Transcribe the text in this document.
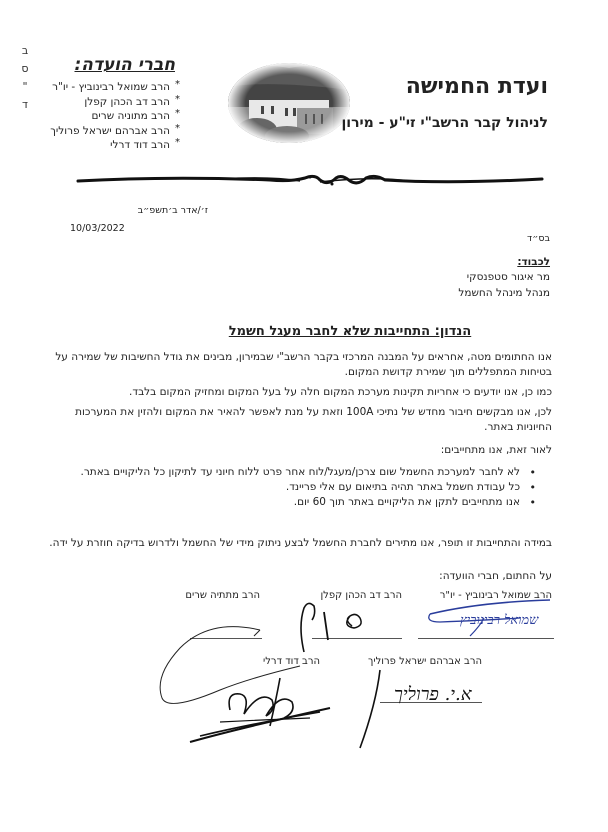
ב
ס
"
ד
חברי הועדה:
* הרב שמואל רבינוביץ - יו"ר
* הרב דב הכהן קפלן
* הרב מתוניה שרים
* הרב אברהם ישראל פרוליך
* הרב דוד דרלי
ועדת החמישה
לניהול קבר הרשב"י זי"ע - מירון
ז׳/אדר ב׳תשפ״ב
10/03/2022
בס״ד
לכבוד:
מר איגור סטפנסקי
מנהל מינהל החשמל
הנדון: התחייבות שלא לחבר מעגל חשמל
אנו החתומים מטה, אחראים על המבנה המרכזי בקבר הרשב"י שבמירון, מבינים את גודל החשיבות של שמירה על בטיחות המתפללים תוך שמירת קדושת המקום.
כמו כן, אנו יודעים כי אחריות תקינות מערכת המקום חלה על בעל המקום ומחזיק המקום בלבד.
לכן, אנו מבקשים חיבור מחדש של נתיכי 100A וזאת על מנת לאפשר להאיר את המקום ולהזין את המערכות החיוניות באתר.
לאור זאת, אנו מתחייבים:
• לא לחבר למערכת החשמל שום צרכן/מעגל/לוח אחר פרט ללוח חיוני עד לתיקון כל הליקויים באתר.
• כל עבודת חשמל באתר תהיה בתיאום עם אלי פריינד.
• אנו מתחייבים לתקן את הליקויים באתר תוך 60 יום.
במידה והתחייבות זו תופר, אנו מתירים לחברת החשמל לבצע ניתוק מידי של החשמל ולדרוש בדיקה חוזרת על ידה.
על החתום, חברי הוועדה:
הרב שמואל רבינוביץ - יו"ר
הרב דב הכהן קפלן
הרב מתתיה שרים
הרב אברהם ישראל פרוליך
הרב דוד דרלי
שמואל רבינוביץ
א.י. פרוליך
